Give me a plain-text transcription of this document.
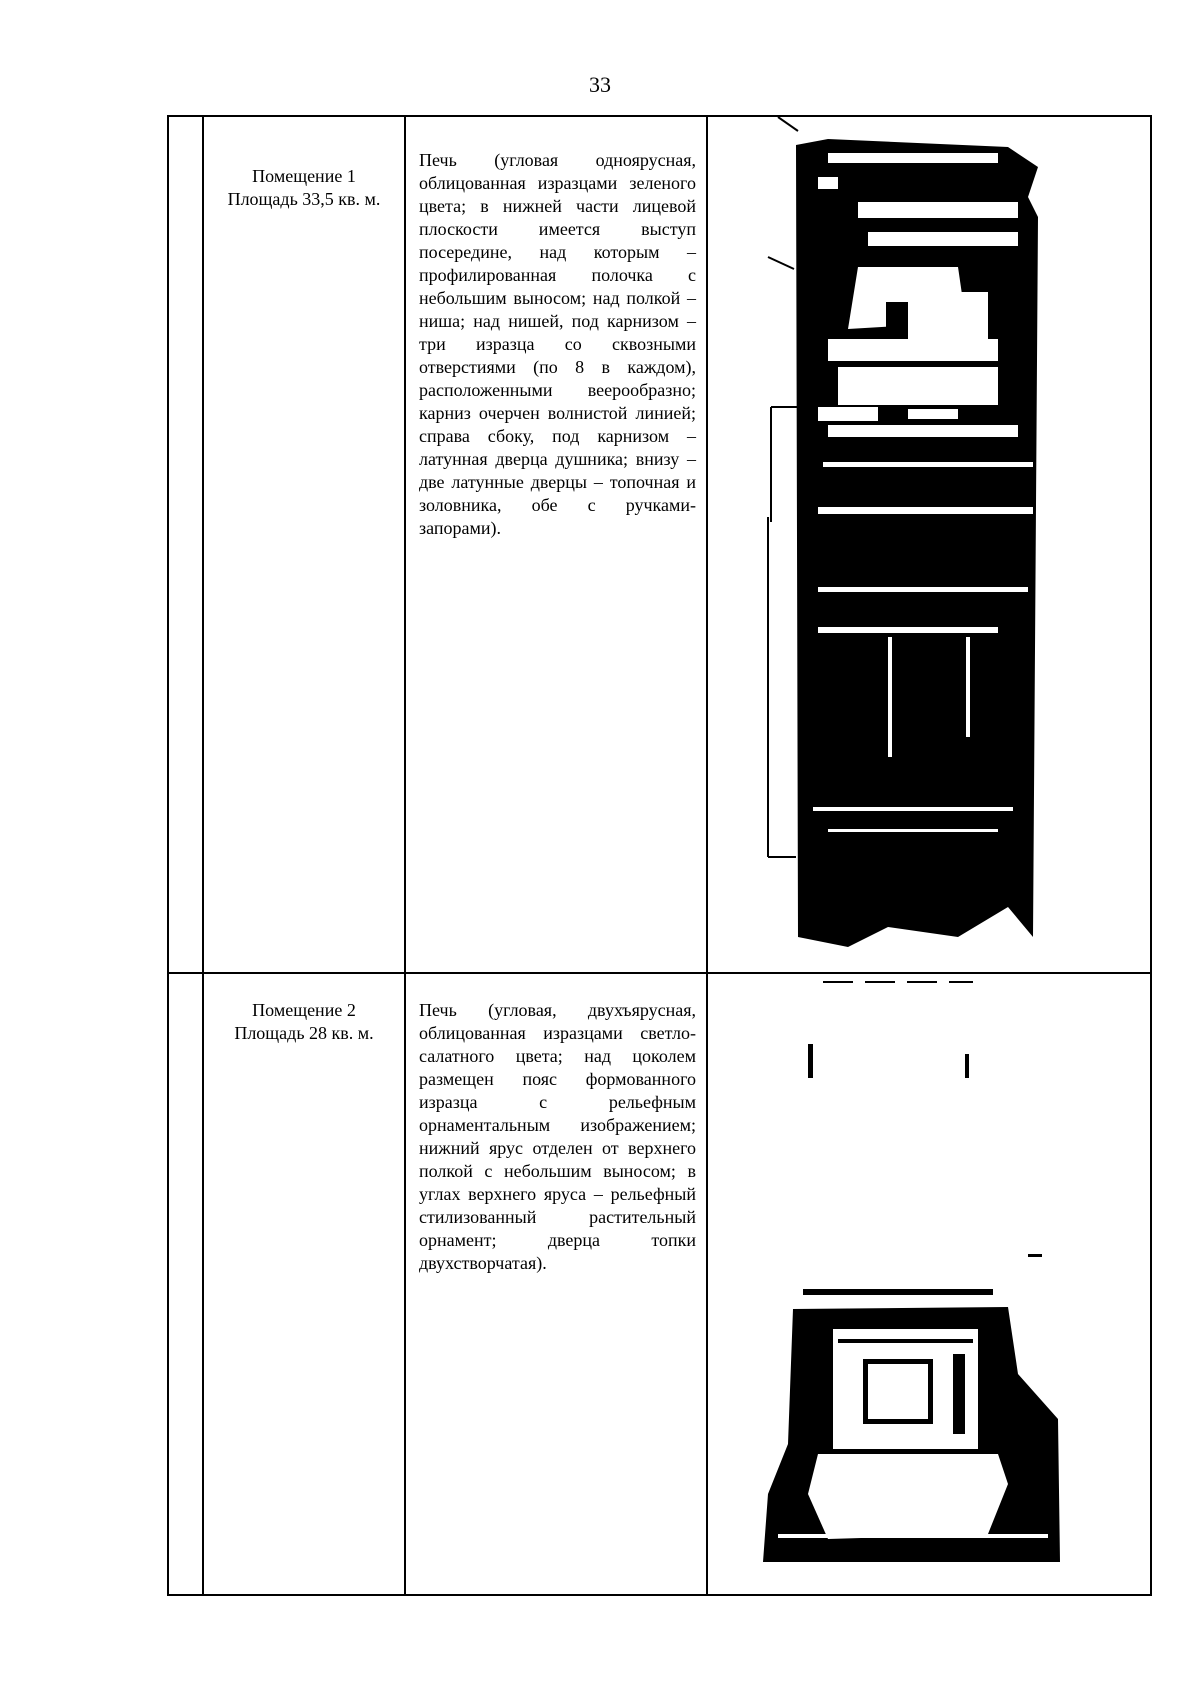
33

	Помещение 1
Площадь 33,5 кв. м.	Печь (угловая одноярусная, облицованная изразцами зеленого цвета; в нижней части лицевой плоскости имеется выступ посередине, над которым – профилированная полочка с небольшим выносом; над полкой – ниша; над нишей, под карнизом – три изразца со сквозными отверстиями (по 8 в каждом), расположенными веерообразно; карниз очерчен волнистой линией; справа сбоку, под карнизом – латунная дверца душника; внизу – две латунные дверцы – топочная и золовника, обе с ручками-запорами).

	Помещение 2
Площадь 28 кв. м.	Печь (угловая, двухъярусная, облицованная изразцами светло-салатного цвета; над цоколем размещен пояс формованного изразца с рельефным орнаментальным изображением; нижний ярус отделен от верхнего полкой с небольшим выносом; в углах верхнего яруса – рельефный стилизованный растительный орнамент; дверца топки двухстворчатая).
